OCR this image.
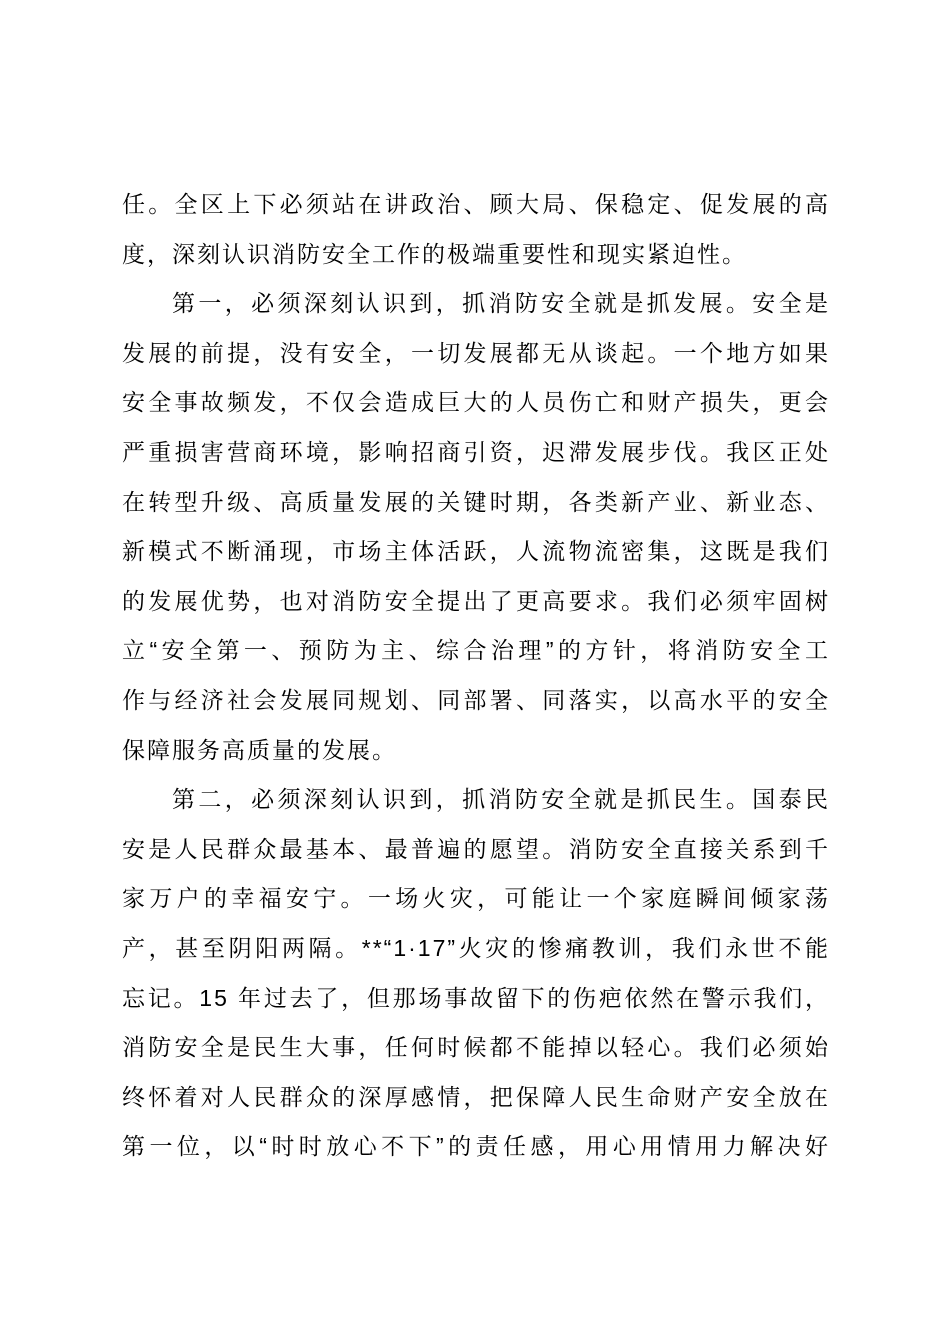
任。全区上下必须站在讲政治、顾大局、保稳定、促发展的高
度，深刻认识消防安全工作的极端重要性和现实紧迫性。
第一，必须深刻认识到，抓消防安全就是抓发展。安全是
发展的前提，没有安全，一切发展都无从谈起。一个地方如果
安全事故频发，不仅会造成巨大的人员伤亡和财产损失，更会
严重损害营商环境，影响招商引资，迟滞发展步伐。我区正处
在转型升级、高质量发展的关键时期，各类新产业、新业态、
新模式不断涌现，市场主体活跃，人流物流密集，这既是我们
的发展优势，也对消防安全提出了更高要求。我们必须牢固树
立“安全第一、预防为主、综合治理”的方针，将消防安全工
作与经济社会发展同规划、同部署、同落实，以高水平的安全
保障服务高质量的发展。
第二，必须深刻认识到，抓消防安全就是抓民生。国泰民
安是人民群众最基本、最普遍的愿望。消防安全直接关系到千
家万户的幸福安宁。一场火灾，可能让一个家庭瞬间倾家荡
产，甚至阴阳两隔。**“1·17”火灾的惨痛教训，我们永世不能
忘记。15 年过去了，但那场事故留下的伤疤依然在警示我们，
消防安全是民生大事，任何时候都不能掉以轻心。我们必须始
终怀着对人民群众的深厚感情，把保障人民生命财产安全放在
第一位，以“时时放心不下”的责任感，用心用情用力解决好
